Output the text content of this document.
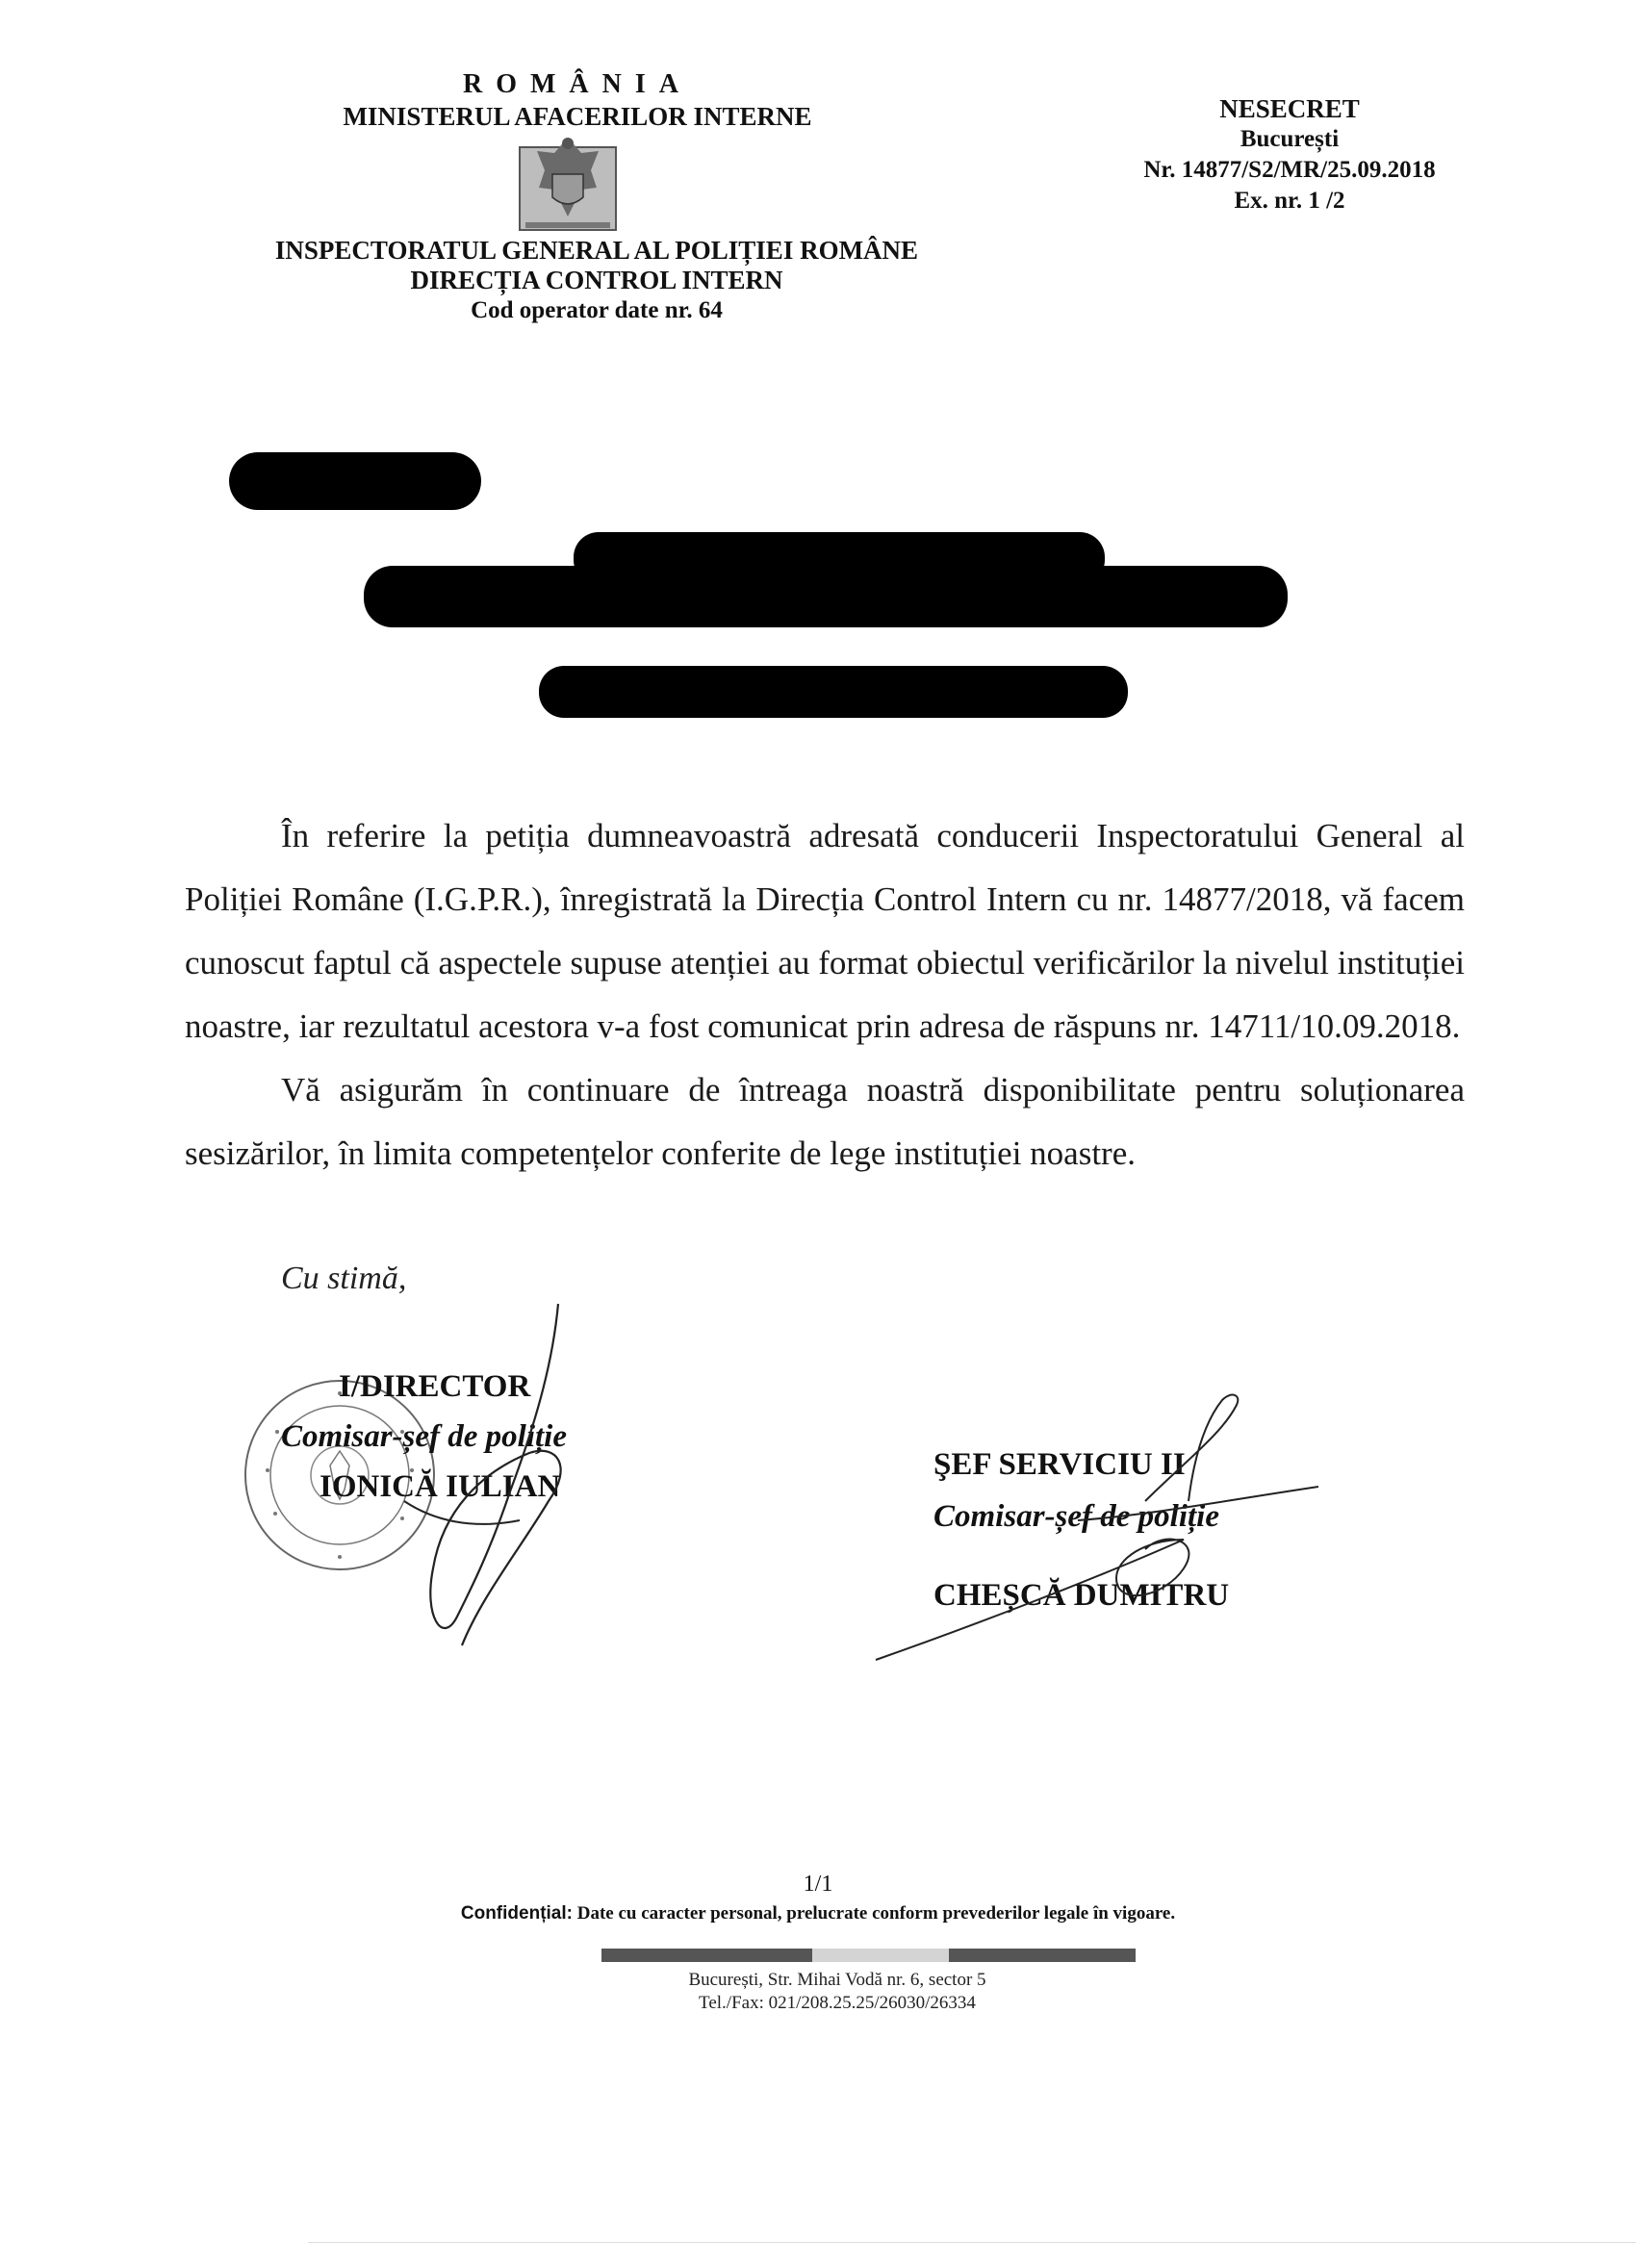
ROMÂNIA
MINISTERUL AFACERILOR INTERNE
INSPECTORATUL GENERAL AL POLIȚIEI ROMÂNE
DIRECȚIA CONTROL INTERN
Cod operator date nr. 64
NESECRET
București
Nr. 14877/S2/MR/25.09.2018
Ex. nr. 1 /2

În referire la petiția dumneavoastră adresată conducerii Inspectoratului General al Poliției Române (I.G.P.R.), înregistrată la Direcția Control Intern cu nr. 14877/2018, vă facem cunoscut faptul că aspectele supuse atenției au format obiectul verificărilor la nivelul instituției noastre, iar rezultatul acestora v-a fost comunicat prin adresa de răspuns nr. 14711/10.09.2018.

Vă asigurăm în continuare de întreaga noastră disponibilitate pentru soluționarea sesizărilor, în limita competențelor conferite de lege instituției noastre.

Cu stimă,
I/DIRECTOR
Comisar-șef de poliție
IONICĂ IULIAN
ŞEF SERVICIU II
Comisar-șef de poliție
CHEȘCĂ DUMITRU
1/1
Confidențial: Date cu caracter personal, prelucrate conform prevederilor legale în vigoare.
București, Str. Mihai Vodă nr. 6, sector 5
Tel./Fax: 021/208.25.25/26030/26334
